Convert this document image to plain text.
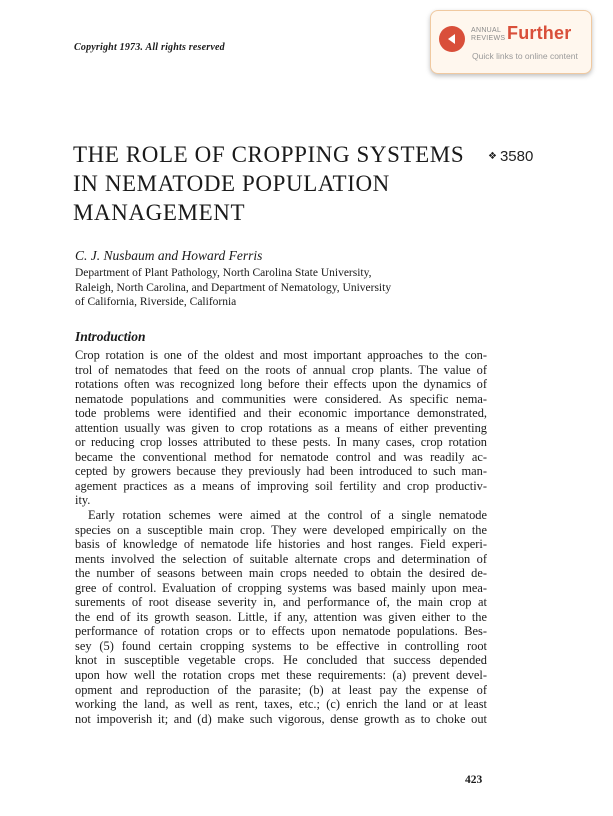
Copyright 1973. All rights reserved
ANNUAL REVIEWS Further
Quick links to online content
THE ROLE OF CROPPING SYSTEMS
IN NEMATODE POPULATION
MANAGEMENT
❖ 3580
C. J. Nusbaum and Howard Ferris
Department of Plant Pathology, North Carolina State University,
Raleigh, North Carolina, and Department of Nematology, University
of California, Riverside, California
Introduction
Crop rotation is one of the oldest and most important approaches to the con-
trol of nematodes that feed on the roots of annual crop plants. The value of
rotations often was recognized long before their effects upon the dynamics of
nematode populations and communities were considered. As specific nema-
tode problems were identified and their economic importance demonstrated,
attention usually was given to crop rotations as a means of either preventing
or reducing crop losses attributed to these pests. In many cases, crop rotation
became the conventional method for nematode control and was readily ac-
cepted by growers because they previously had been introduced to such man-
agement practices as a means of improving soil fertility and crop productiv-
ity.
Early rotation schemes were aimed at the control of a single nematode
species on a susceptible main crop. They were developed empirically on the
basis of knowledge of nematode life histories and host ranges. Field experi-
ments involved the selection of suitable alternate crops and determination of
the number of seasons between main crops needed to obtain the desired de-
gree of control. Evaluation of cropping systems was based mainly upon mea-
surements of root disease severity in, and performance of, the main crop at
the end of its growth season. Little, if any, attention was given either to the
performance of rotation crops or to effects upon nematode populations. Bes-
sey (5) found certain cropping systems to be effective in controlling root
knot in susceptible vegetable crops. He concluded that success depended
upon how well the rotation crops met these requirements: (a) prevent devel-
opment and reproduction of the parasite; (b) at least pay the expense of
working the land, as well as rent, taxes, etc.; (c) enrich the land or at least
not impoverish it; and (d) make such vigorous, dense growth as to choke out
423
